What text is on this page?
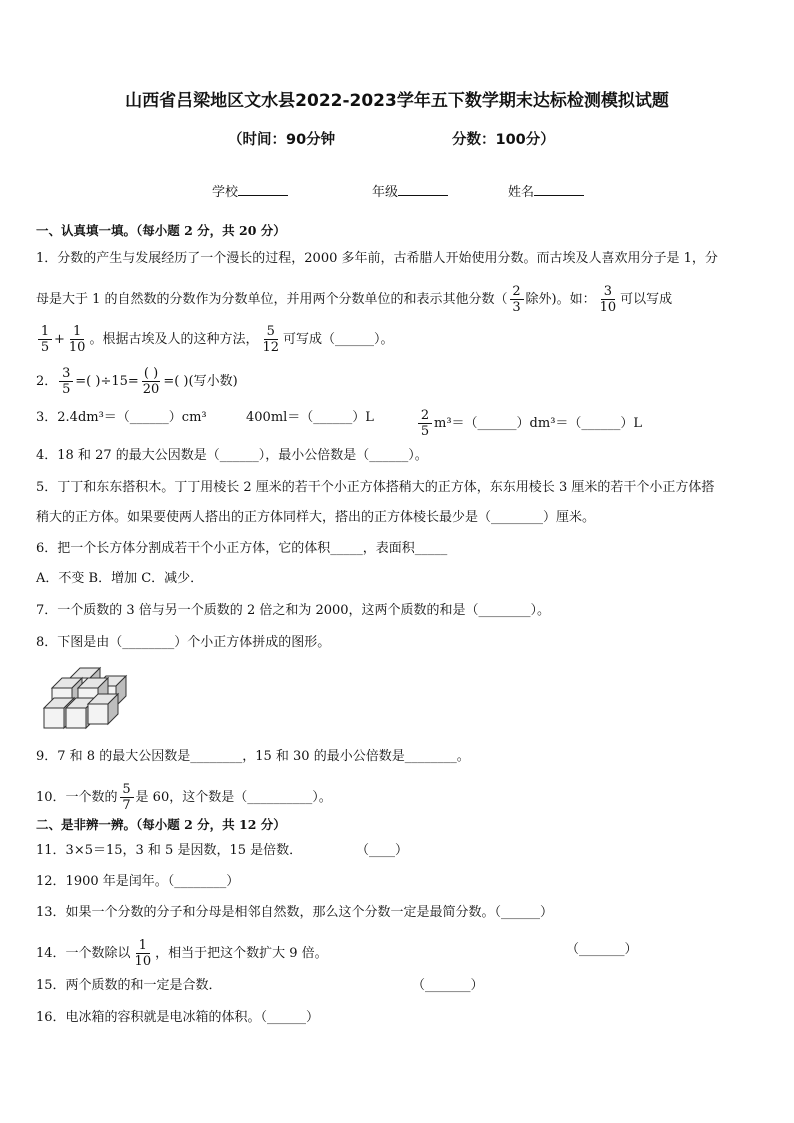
山西省吕梁地区文水县2022-2023学年五下数学期末达标检测模拟试题
（时间：90分钟	分数：100分）
学校	年级	姓名
一、认真填一填。（每小题 2 分，共 20 分）
1．分数的产生与发展经历了一个漫长的过程，2000 多年前，古希腊人开始使用分数。而古埃及人喜欢用分子是 1，分
母是大于 1 的自然数的分数作为分数单位，并用两个分数单位的和表示其他分数（ $\frac{2}{3}$ 除外)。如： $\frac{3}{10}$ 可以写成
$\frac{1}{5} + \frac{1}{10}$ 。根据古埃及人的这种方法， $\frac{5}{12}$ 可写成（______）。
2． $\frac{3}{5}$ =( )$\div 15= \frac{( )}{20}$ =( )(写小数)
3．2.4dm³＝（______）cm³	400ml＝（______）L	$\frac{2}{5}$ m³＝（______）dm³＝（______）L
4．18 和 27 的最大公因数是（______），最小公倍数是（______）。
5．丁丁和东东搭积木。丁丁用棱长 2 厘米的若干个小正方体搭稍大的正方体，东东用棱长 3 厘米的若干个小正方体搭
稍大的正方体。如果要使两人搭出的正方体同样大，搭出的正方体棱长最少是（________）厘米。
6．把一个长方体分割成若干个小正方体，它的体积_____，表面积_____
A．不变 B．增加 C．减少．
7．一个质数的 3 倍与另一个质数的 2 倍之和为 2000，这两个质数的和是（________）。
8．下图是由（________）个小正方体拼成的图形。
9．7 和 8 的最大公因数是________，15 和 30 的最小公倍数是________。
10．一个数的 $\frac{5}{7}$ 是 60，这个数是（__________）。
二、是非辨一辨。（每小题 2 分，共 12 分）
11．3×5＝15，3 和 5 是因数，15 是倍数．	（____）
12．1900 年是闰年。（________）
13．如果一个分数的分子和分母是相邻自然数，那么这个分数一定是最简分数。（______）
14．一个数除以 $\frac{1}{10}$ ，相当于把这个数扩大 9 倍。	（_______）
15．两个质数的和一定是合数．	（_______）
16．电冰箱的容积就是电冰箱的体积。（______）
